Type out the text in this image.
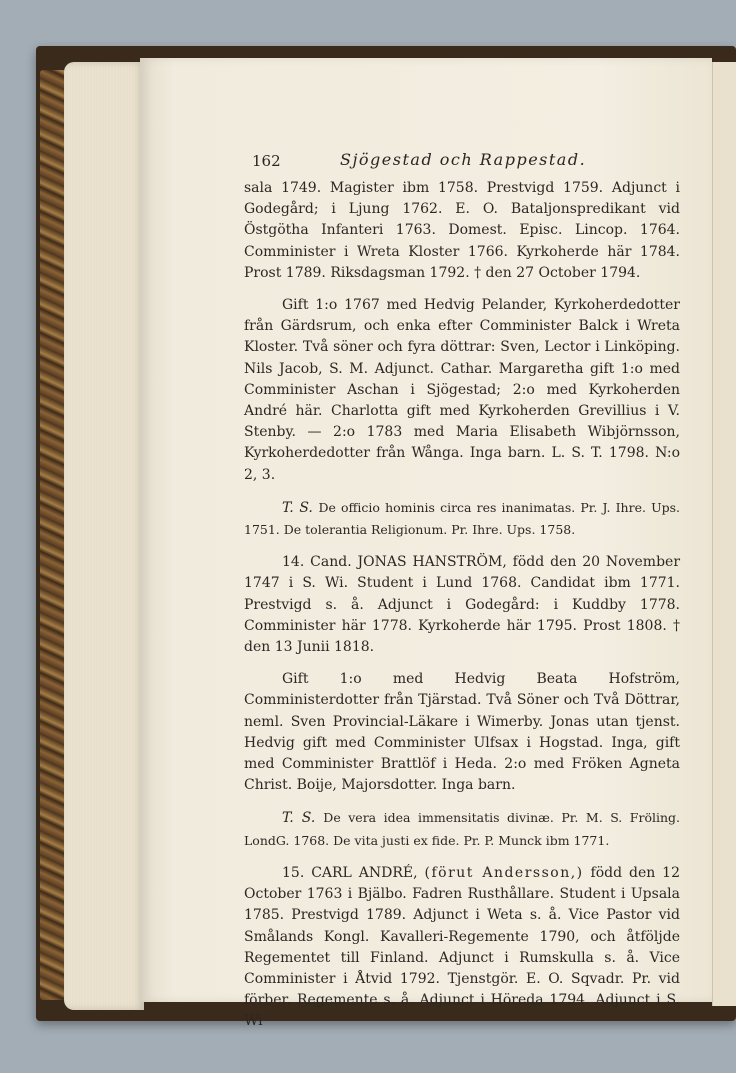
162	Sjögestad och Rappestad.

sala 1749. Magister ibm 1758. Prestvigd 1759. Adjunct i Godegård; i Ljung 1762. E. O. Bataljonspredikant vid Östgötha Infanteri 1763. Domest. Episc. Lincop. 1764. Comminister i Wreta Kloster 1766. Kyrkoherde här 1784. Prost 1789. Riksdagsman 1792. † den 27 October 1794.

Gift 1:o 1767 med Hedvig Pelander, Kyrkoherdedotter från Gärdsrum, och enka efter Comminister Balck i Wreta Kloster. Två söner och fyra döttrar: Sven, Lector i Linköping. Nils Jacob, S. M. Adjunct. Cathar. Margaretha gift 1:o med Comminister Aschan i Sjögestad; 2:o med Kyrkoherden André här. Charlotta gift med Kyrkoherden Grevillius i V. Stenby. — 2:o 1783 med Maria Elisabeth Wibjörnsson, Kyrkoherdedotter från Wånga. Inga barn. L. S. T. 1798. N:o 2, 3.

T. S. De officio hominis circa res inanimatas. Pr. J. Ihre. Ups. 1751. De tolerantia Religionum. Pr. Ihre. Ups. 1758.

14. Cand. JONAS HANSTRÖM, född den 20 November 1747 i S. Wi. Student i Lund 1768. Candidat ibm 1771. Prestvigd s. å. Adjunct i Godegård: i Kuddby 1778. Comminister här 1778. Kyrkoherde här 1795. Prost 1808. † den 13 Junii 1818.

Gift 1:o med Hedvig Beata Hofström, Comministerdotter från Tjärstad. Två Söner och Två Döttrar, neml. Sven Provincial-Läkare i Wimerby. Jonas utan tjenst. Hedvig gift med Comminister Ulfsax i Hogstad. Inga, gift med Comminister Brattlöf i Heda. 2:o med Fröken Agneta Christ. Boije, Majorsdotter. Inga barn.

T. S. De vera idea immensitatis divinæ. Pr. M. S. Fröling. LondG. 1768. De vita justi ex fide. Pr. P. Munck ibm 1771.

15. CARL ANDRÉ, (förut Andersson,) född den 12 October 1763 i Bjälbo. Fadren Rusthållare. Student i Upsala 1785. Prestvigd 1789. Adjunct i Weta s. å. Vice Pastor vid Smålands Kongl. Kavalleri-Regemente 1790, och åtföljde Regementet till Finland. Adjunct i Rumskulla s. å. Vice Comminister i Åtvid 1792. Tjenstgör. E. O. Sqvadr. Pr. vid förber. Regemente s. å. Adjunct i Höreda 1794. Adjunct i S. Wi
